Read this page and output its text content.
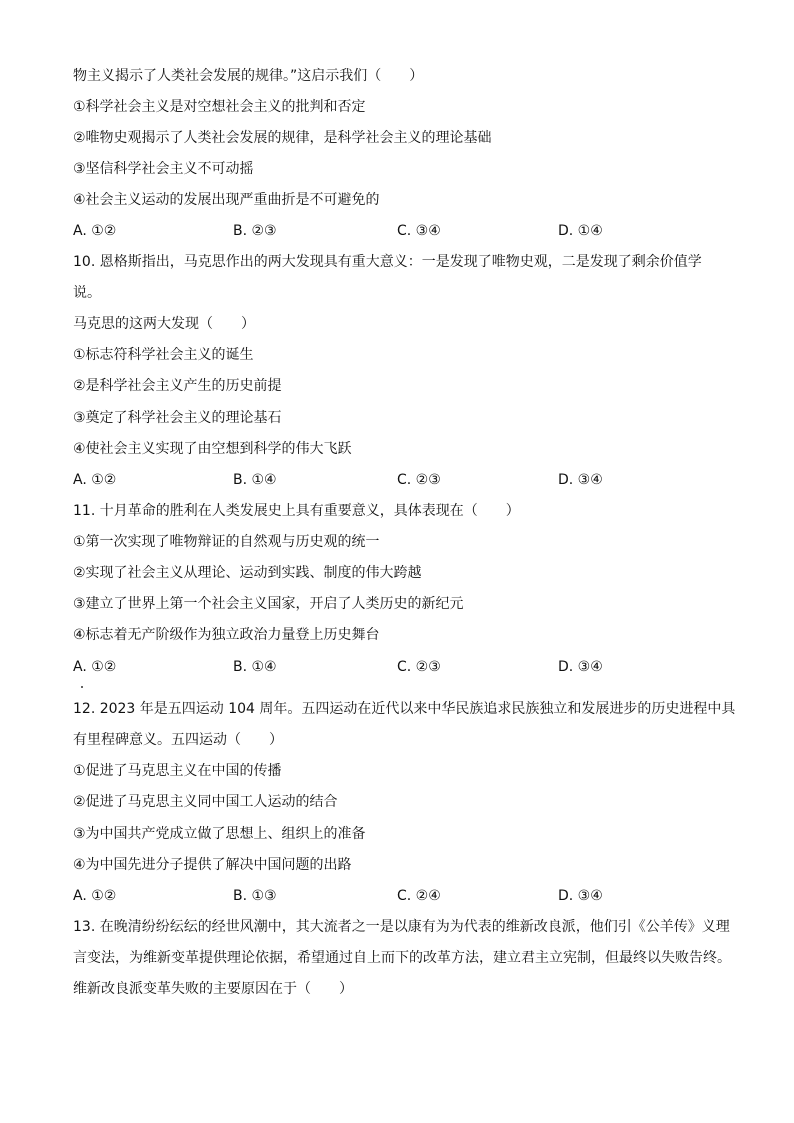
物主义揭示了人类社会发展的规律。”这启示我们（　　）
①科学社会主义是对空想社会主义的批判和否定
②唯物史观揭示了人类社会发展的规律，是科学社会主义的理论基础
③坚信科学社会主义不可动摇
④社会主义运动的发展出现严重曲折是不可避免的
A. ①②	B. ②③	C. ③④	D. ①④
10. 恩格斯指出，马克思作出的两大发现具有重大意义：一是发现了唯物史观，二是发现了剩余价值学
说。
马克思的这两大发现（　　）
①标志符科学社会主义的诞生
②是科学社会主义产生的历史前提
③奠定了科学社会主义的理论基石
④使社会主义实现了由空想到科学的伟大飞跃
A. ①②	B. ①④	C. ②③	D. ③④
11. 十月革命的胜利在人类发展史上具有重要意义，具体表现在（　　）
①第一次实现了唯物辩证的自然观与历史观的统一
②实现了社会主义从理论、运动到实践、制度的伟大跨越
③建立了世界上第一个社会主义国家，开启了人类历史的新纪元
④标志着无产阶级作为独立政治力量登上历史舞台
A. ①②	B. ①④	C. ②③	D. ③④
12. 2023 年是五四运动 104 周年。五四运动在近代以来中华民族追求民族独立和发展进步的历史进程中具
有里程碑意义。五四运动（　　）
①促进了马克思主义在中国的传播
②促进了马克思主义同中国工人运动的结合
③为中国共产党成立做了思想上、组织上的准备
④为中国先进分子提供了解决中国问题的出路
A. ①②	B. ①③	C. ②④	D. ③④
13. 在晚清纷纷纭纭的经世风潮中，其大流者之一是以康有为为代表的维新改良派，他们引《公羊传》义理
言变法，为维新变革提供理论依据，希望通过自上而下的改革方法，建立君主立宪制，但最终以失败告终。
维新改良派变革失败的主要原因在于（　　）
